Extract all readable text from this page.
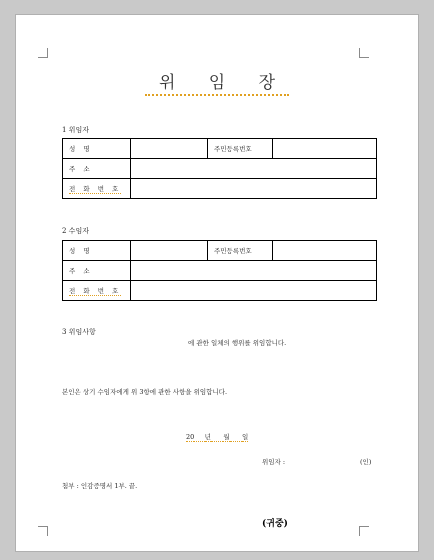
위 임 장
1 위임자
성 명		주민등록번호	
주 소			
전 화 번 호			
2 수임자
성 명		주민등록번호	
주 소			
전 화 번 호			
3 위임사항
에 관한 일체의 행위를 위임합니다.
본인은 상기 수임자에게 위 3항에 관한 사항을 위임합니다.
20 년 월 일
위임자 :	(인)
첨부 : 인감증명서 1부. 끝.
(귀중)
